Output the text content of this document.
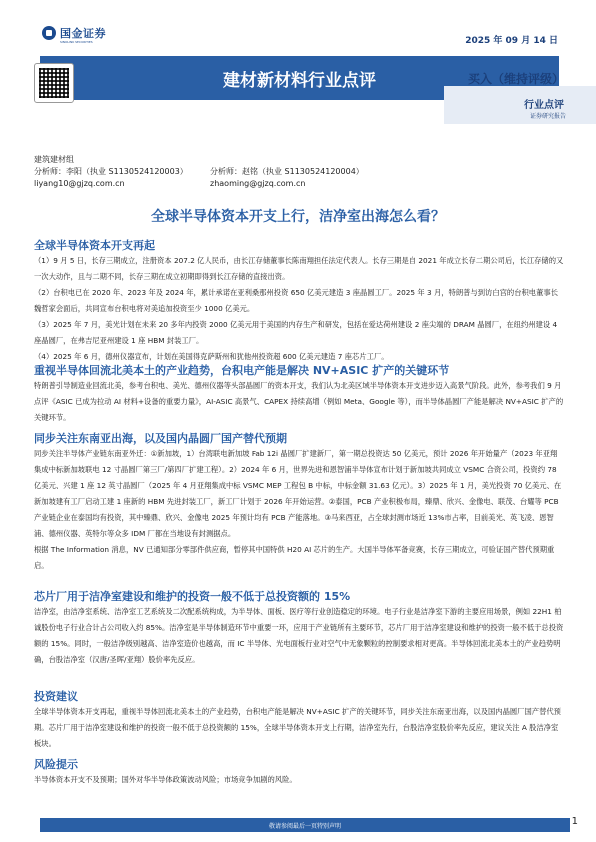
国金证券
SINOLINK SECURITIES	2025 年 09 月 14 日
建材新材料行业点评	买入（维持评级）
行业点评
证券研究报告
建筑建材组
分析师：李阳（执业 S1130524120003）
liyang10@gjzq.com.cn
分析师：赵铭（执业 S1130524120004）
zhaoming@gjzq.com.cn
全球半导体资本开支上行，洁净室出海怎么看？
全球半导体资本开支再起
（1）9 月 5 日，长存三期成立，注册资本 207.2 亿人民币，由长江存储董事长陈南翔担任法定代表人。长存三期是自 2021 年成立长存二期公司后，长江存储的又一次大动作，且与二期不同，长存三期在成立初期即得到长江存储的直接出资。
（2）台积电已在 2020 年、2023 年及 2024 年，累计承诺在亚利桑那州投资 650 亿美元建造 3 座晶圆工厂。2025 年 3 月，特朗普与到访白宫的台积电董事长魏哲家会面后，共同宣布台积电将对美追加投资至少 1000 亿美元。
（3）2025 年 7 月，美光计划在未来 20 多年内投资 2000 亿美元用于美国的内存生产和研发，包括在爱达荷州建设 2 座尖端的 DRAM 晶圆厂，在纽约州建设 4 座晶圆厂，在弗吉尼亚州建设 1 座 HBM 封装工厂。
（4）2025 年 6 月，德州仪器宣布，计划在美国得克萨斯州和犹他州投资超 600 亿美元建造 7 座芯片工厂。
重视半导体回流北美本土的产业趋势，台积电产能是解决 NV+ASIC 扩产的关键环节
特朗普引导制造业回流北美，参考台积电、美光、德州仪器等头部晶圆厂的资本开支，我们认为北美区域半导体资本开支进步迈入高景气阶段。此外，参考我们 9 月点评《ASIC 已成为拉动 AI 材料+设备的重要力量》，AI-ASIC 高景气、CAPEX 持续高增（例如 Meta、Google 等），而半导体晶圆厂产能是解决 NV+ASIC 扩产的关键环节。
同步关注东南亚出海，以及国内晶圆厂国产替代预期
同步关注半导体产业链东南亚外迁：①新加坡，1）台湾联电新加坡 Fab 12i 晶圆厂扩建新厂，第一期总投资达 50 亿美元，预计 2026 年开始量产（2023 年亚翔集成中标新加坡联电 12 寸晶圆厂第三厂/第四厂扩建工程）。2）2024 年 6 月，世界先进和恩智浦半导体宣布计划于新加坡共同成立 VSMC 合资公司，投资约 78 亿美元、兴建 1 座 12 英寸晶圆厂（2025 年 4 月亚翔集成中标 VSMC MEP 工程包 B 中标，中标金额 31.63 亿元）。3）2025 年 1 月，美光投资 70 亿美元、在新加坡建有工厂启动工建 1 座新的 HBM 先进封装工厂，新工厂计划于 2026 年开始运营。②泰国，PCB 产业积极布局，臻鼎、欣兴、金像电、联茂、台耀等 PCB 产业链企业在泰国均有投资，其中臻鼎、欣兴、金像电 2025 年预计均有 PCB 产能落地。③马来西亚，占全球封测市场近 13%市占率，目前美光、英飞凌、恩智浦、德州仪器、英特尔等众多 IDM 厂都在当地设有封测据点。
根据 The Information 消息，NV 已通知部分零部件供应商，暂停其中国特供 H20 AI 芯片的生产。大国半导体军备竞赛，长存三期成立，可验证国产替代预期重启。
芯片厂用于洁净室建设和维护的投资一般不低于总投资额的 15%
洁净室，由洁净室系统、洁净室工艺系统及二次配系统构成，为半导体、面板、医疗等行业创造稳定的环境。电子行业是洁净室下游的主要应用场景，例如 22H1 柏诚股份电子行业合计占公司收入约 85%。洁净室是半导体制造环节中重要一环，应用于产业链所有主要环节，芯片厂用于洁净室建设和维护的投资一般不低于总投资额的 15%。同时，一般洁净级别越高、洁净室造价也越高，而 IC 半导体、光电面板行业对空气中无象颗粒的控制要求相对更高。半导体回流北美本土的产业趋势明确，台股洁净室（汉唐/圣晖/亚翔）股价率先反应。
投资建议
全球半导体资本开支再起，重视半导体回流北美本土的产业趋势，台积电产能是解决 NV+ASIC 扩产的关键环节，同步关注东南亚出海，以及国内晶圆厂国产替代预期。芯片厂用于洁净室建设和维护的投资一般不低于总投资额的 15%，全球半导体资本开支上行期，洁净室先行，台股洁净室股价率先反应，建议关注 A 股洁净室板块。
风险提示
半导体资本开支不及预期；国外对华半导体政策波动风险；市场竞争加剧的风险。
敬请参阅最后一页特别声明	1
